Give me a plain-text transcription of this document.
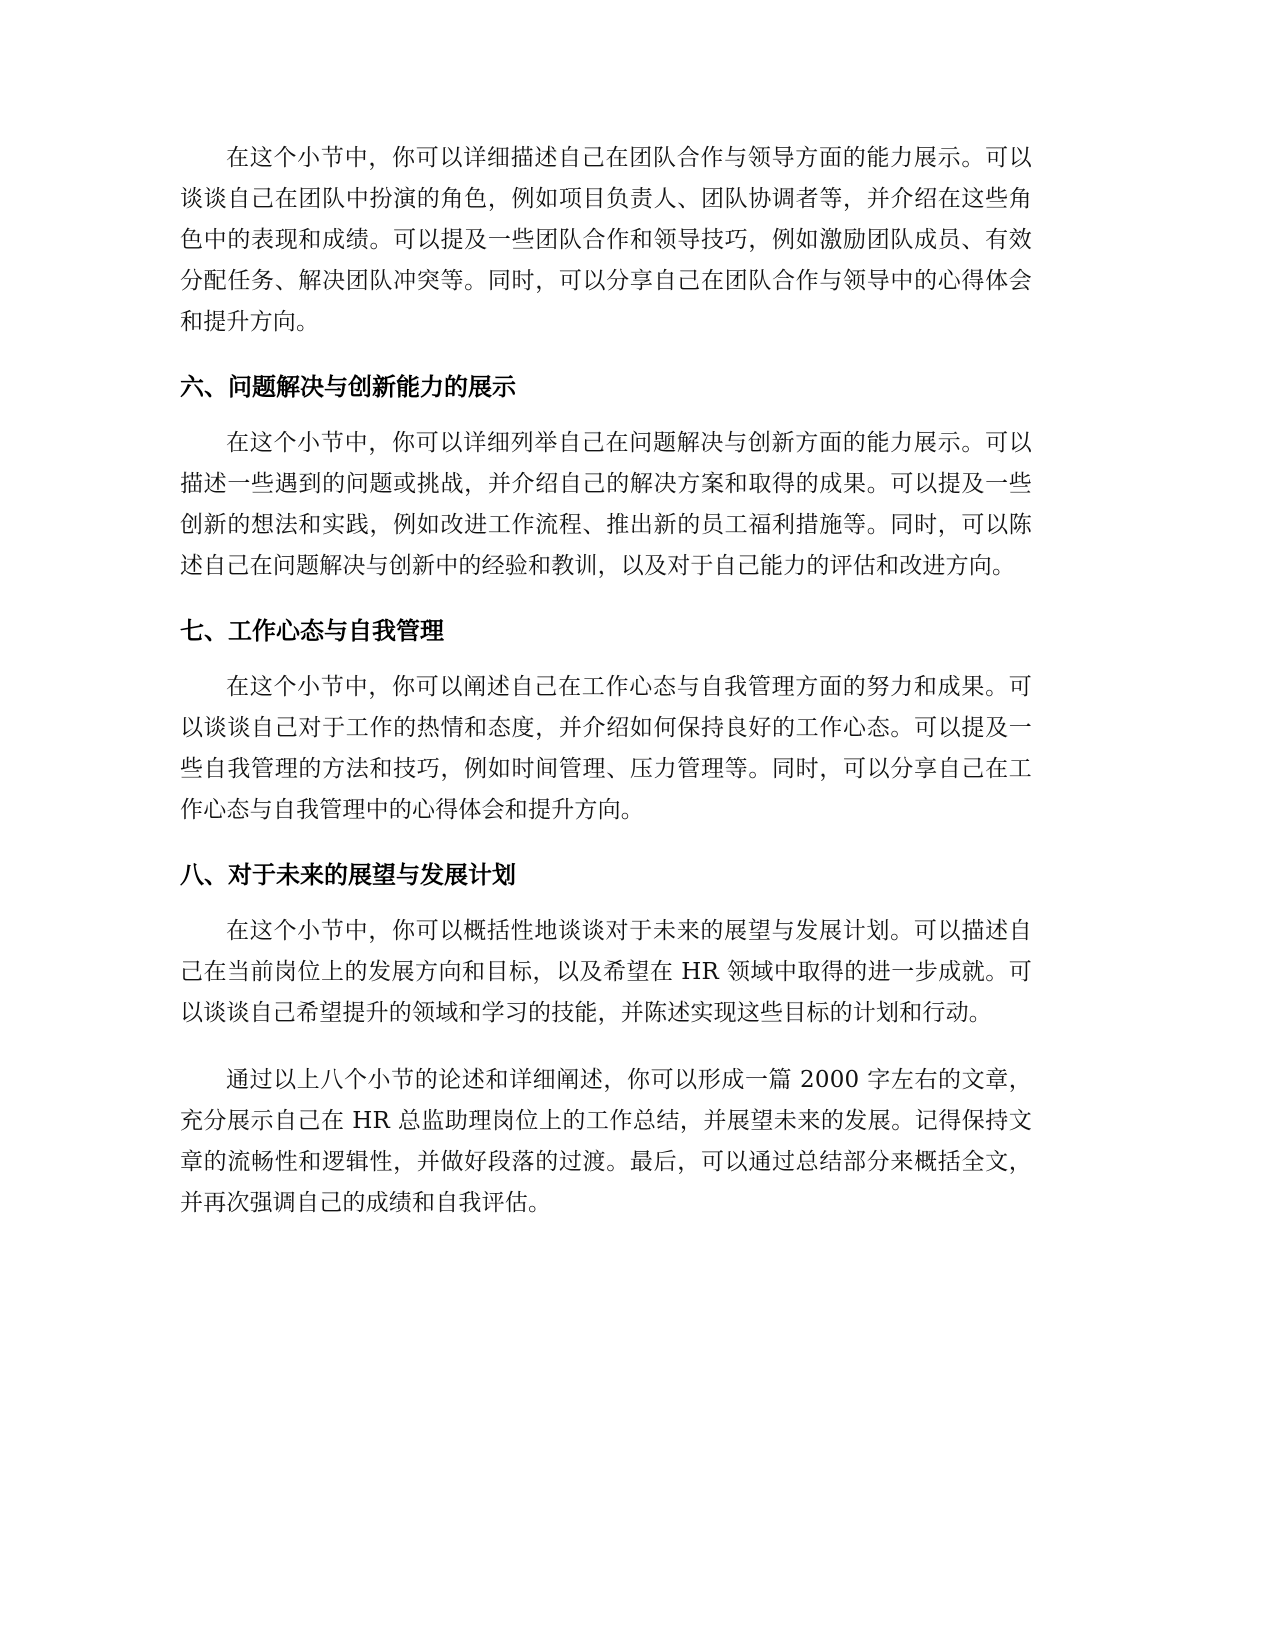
在这个小节中，你可以详细描述自己在团队合作与领导方面的能力展示。可以谈谈自己在团队中扮演的角色，例如项目负责人、团队协调者等，并介绍在这些角色中的表现和成绩。可以提及一些团队合作和领导技巧，例如激励团队成员、有效分配任务、解决团队冲突等。同时，可以分享自己在团队合作与领导中的心得体会和提升方向。

六、问题解决与创新能力的展示

在这个小节中，你可以详细列举自己在问题解决与创新方面的能力展示。可以描述一些遇到的问题或挑战，并介绍自己的解决方案和取得的成果。可以提及一些创新的想法和实践，例如改进工作流程、推出新的员工福利措施等。同时，可以陈述自己在问题解决与创新中的经验和教训，以及对于自己能力的评估和改进方向。

七、工作心态与自我管理

在这个小节中，你可以阐述自己在工作心态与自我管理方面的努力和成果。可以谈谈自己对于工作的热情和态度，并介绍如何保持良好的工作心态。可以提及一些自我管理的方法和技巧，例如时间管理、压力管理等。同时，可以分享自己在工作心态与自我管理中的心得体会和提升方向。

八、对于未来的展望与发展计划

在这个小节中，你可以概括性地谈谈对于未来的展望与发展计划。可以描述自己在当前岗位上的发展方向和目标，以及希望在 HR 领域中取得的进一步成就。可以谈谈自己希望提升的领域和学习的技能，并陈述实现这些目标的计划和行动。

通过以上八个小节的论述和详细阐述，你可以形成一篇 2000 字左右的文章，充分展示自己在 HR 总监助理岗位上的工作总结，并展望未来的发展。记得保持文章的流畅性和逻辑性，并做好段落的过渡。最后，可以通过总结部分来概括全文，并再次强调自己的成绩和自我评估。
